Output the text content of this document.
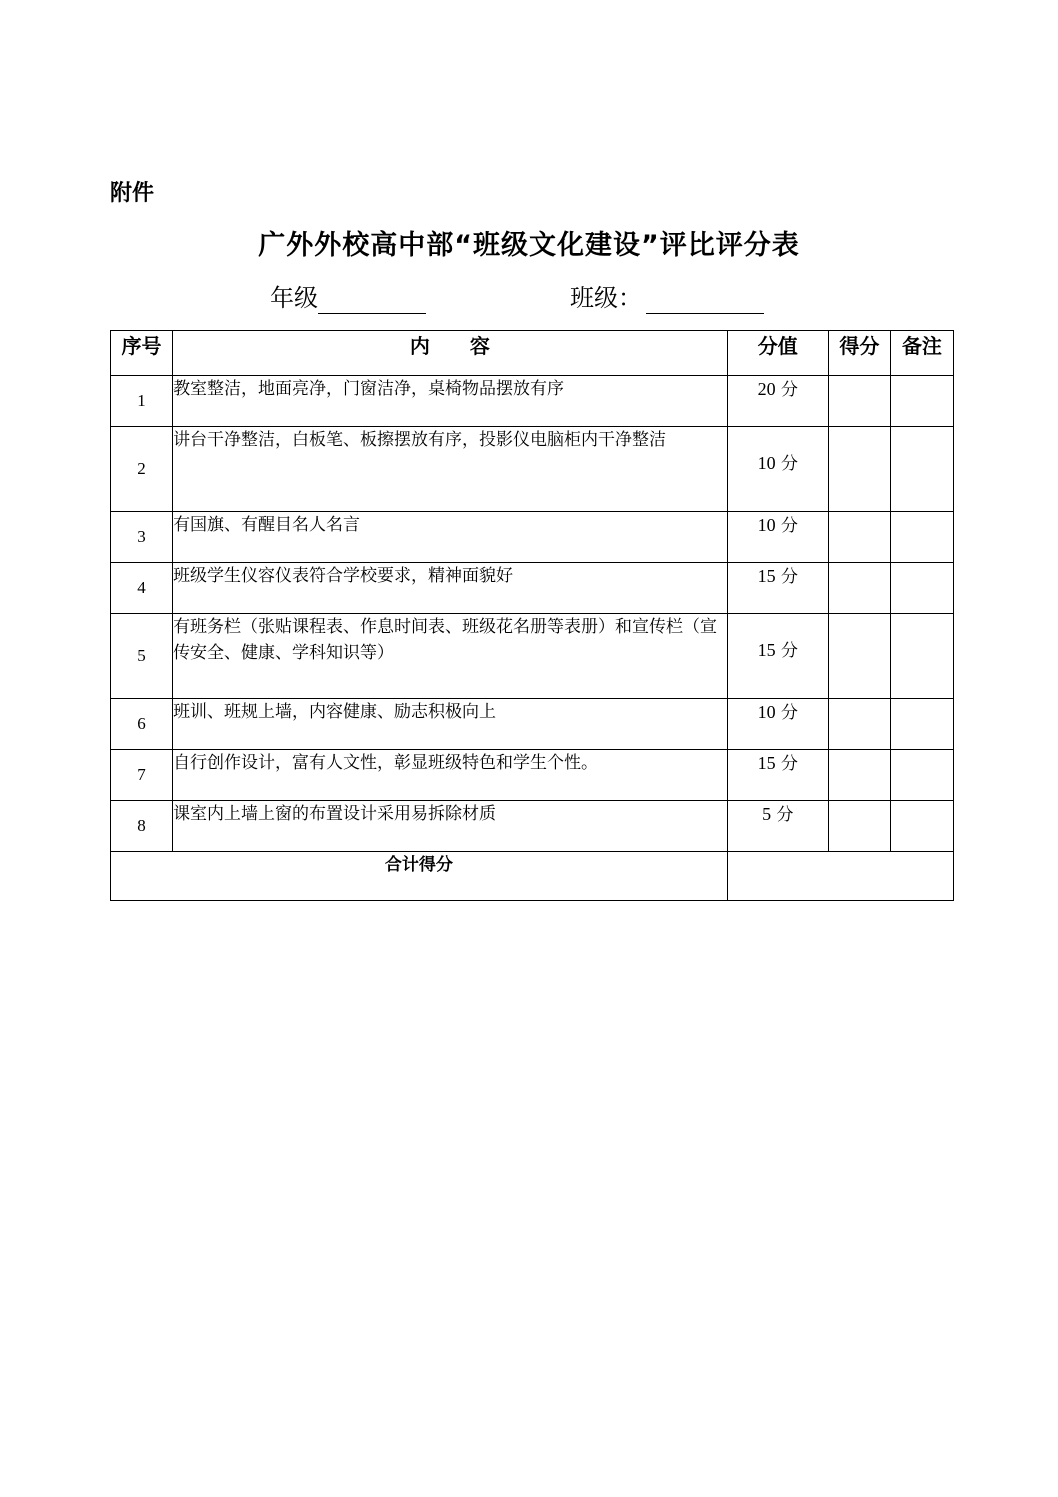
附件
广外外校高中部“班级文化建设”评比评分表
年级	班级：
序号	内　　容	分值	得分	备注
1	教室整洁，地面亮净，门窗洁净，桌椅物品摆放有序	20 分		
2	讲台干净整洁，白板笔、板擦摆放有序，投影仪电脑柜内干净整洁	10 分		
3	有国旗、有醒目名人名言	10 分		
4	班级学生仪容仪表符合学校要求，精神面貌好	15 分		
5	有班务栏（张贴课程表、作息时间表、班级花名册等表册）和宣传栏（宣传安全、健康、学科知识等）	15 分		
6	班训、班规上墙，内容健康、励志积极向上	10 分		
7	自行创作设计，富有人文性，彰显班级特色和学生个性。	15 分		
8	课室内上墙上窗的布置设计采用易拆除材质	5 分		
合计得分				
